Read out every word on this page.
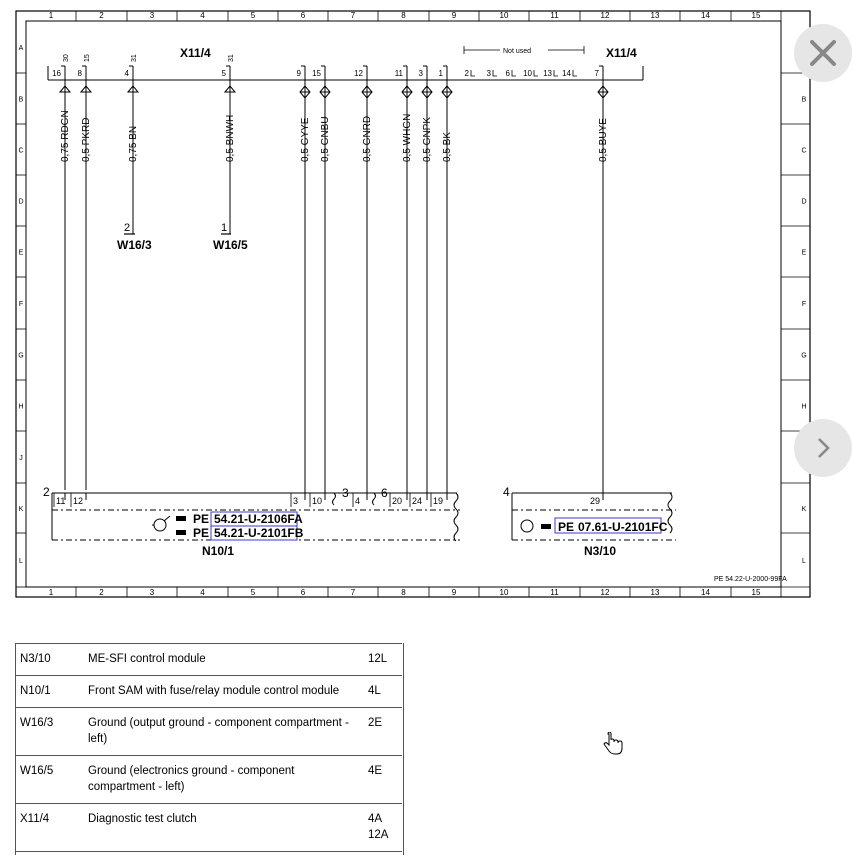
1
1
2
2
3
3
4
4
5
5
6
6
7
7
8
8
9
9
10
10
11
11
12
12
13
13
14
14
15
15
A
B	B
C	C
D	D
E	E
F	F
G	G
H	H
J
K	K
L	L
X11/4	X11/4
Not used
16
30
0,75 RDGN
8
15
0,5 PKRD
4
31
0,75 BN
5
31
0,5 BNWH
9
0,5 GYYE
15
0,5 GNBU
12
0,5 GNRD
11
0,5 WHGN
3
0,5 GNPK
1
0,5 BK
7
0,5 BUYE
2 3 6 10 13 14
2
W16/3
1
W16/5
2	3	6
N10/1
PE
PE
54.21-U-2106FA
54.21-U-2101FB
4
29
N3/10
PE 07.61-U-2101FC
11 12	3 10	4	20 24 19
PE 54.22-U-2000-99FA
N3/10	ME-SFI control module	12L
N10/1	Front SAM with fuse/relay module control module	4L
W16/3	Ground (output ground - component compartment - left)	2E
W16/5	Ground (electronics ground - component compartment - left)	4E
X11/4	Diagnostic test clutch	4A
12A
